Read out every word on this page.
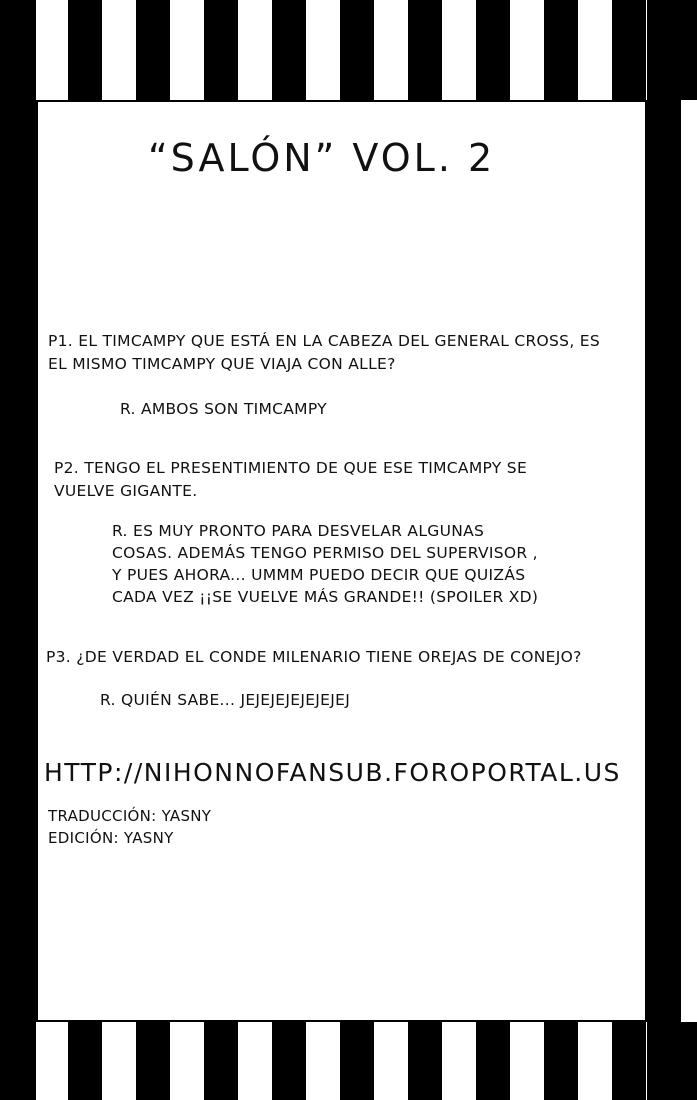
“SALÓN” VOL. 2
P1. EL TIMCAMPY QUE ESTÁ EN LA CABEZA DEL GENERAL CROSS, ES
EL MISMO TIMCAMPY QUE VIAJA CON ALLE?
R. AMBOS SON TIMCAMPY
P2. TENGO EL PRESENTIMIENTO DE QUE ESE TIMCAMPY SE
VUELVE GIGANTE.
R. ES MUY PRONTO PARA DESVELAR ALGUNAS
COSAS. ADEMÁS TENGO PERMISO DEL SUPERVISOR ,
Y PUES AHORA... UMMM PUEDO DECIR QUE QUIZÁS
CADA VEZ ¡¡SE VUELVE MÁS GRANDE!! (SPOILER XD)
P3. ¿DE VERDAD EL CONDE MILENARIO TIENE OREJAS DE CONEJO?
R. QUIÉN SABE... JEJEJEJEJEJEJEJ
HTTP://NIHONNOFANSUB.FOROPORTAL.US
TRADUCCIÓN: YASNY
EDICIÓN: YASNY
